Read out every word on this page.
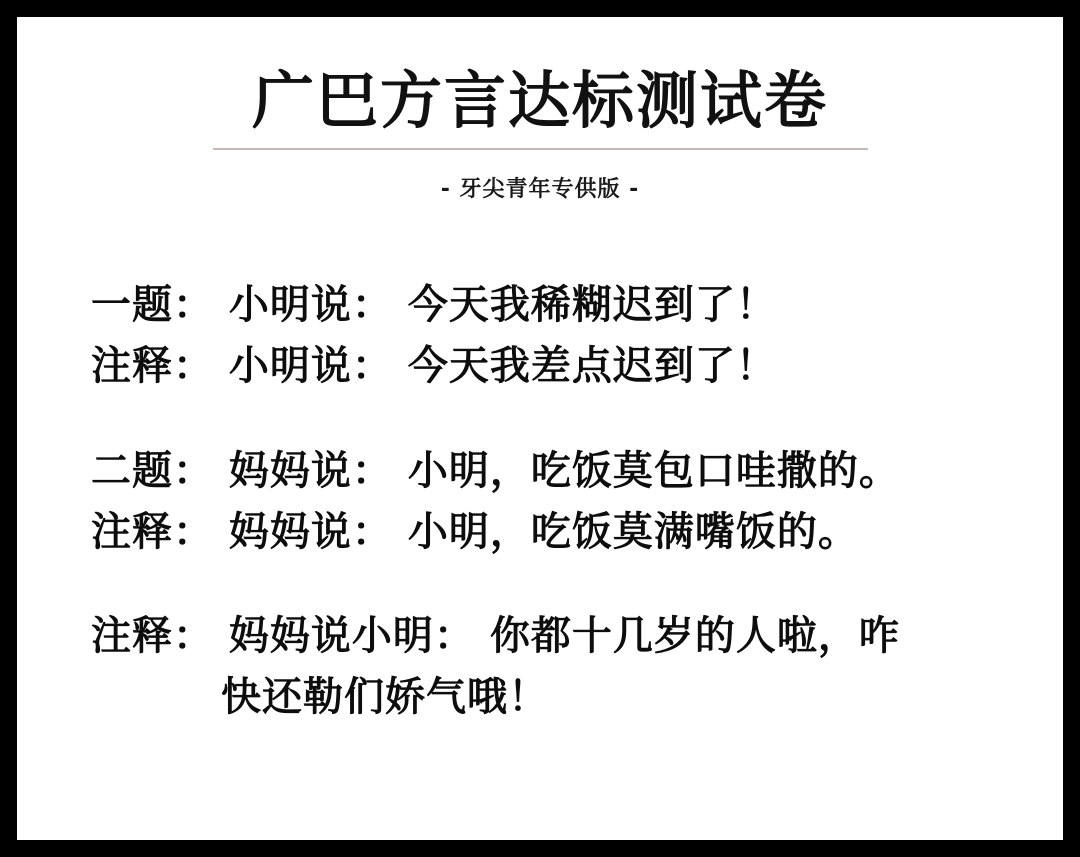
广巴方言达标测试卷
- 牙尖青年专供版 -
一题： 小明说： 今天我稀糊迟到了！
注释： 小明说： 今天我差点迟到了！
二题： 妈妈说： 小明，吃饭莫包口哇撒的。
注释： 妈妈说： 小明，吃饭莫满嘴饭的。
注释： 妈妈说小明： 你都十几岁的人啦，咋
快还勒们娇气哦！
